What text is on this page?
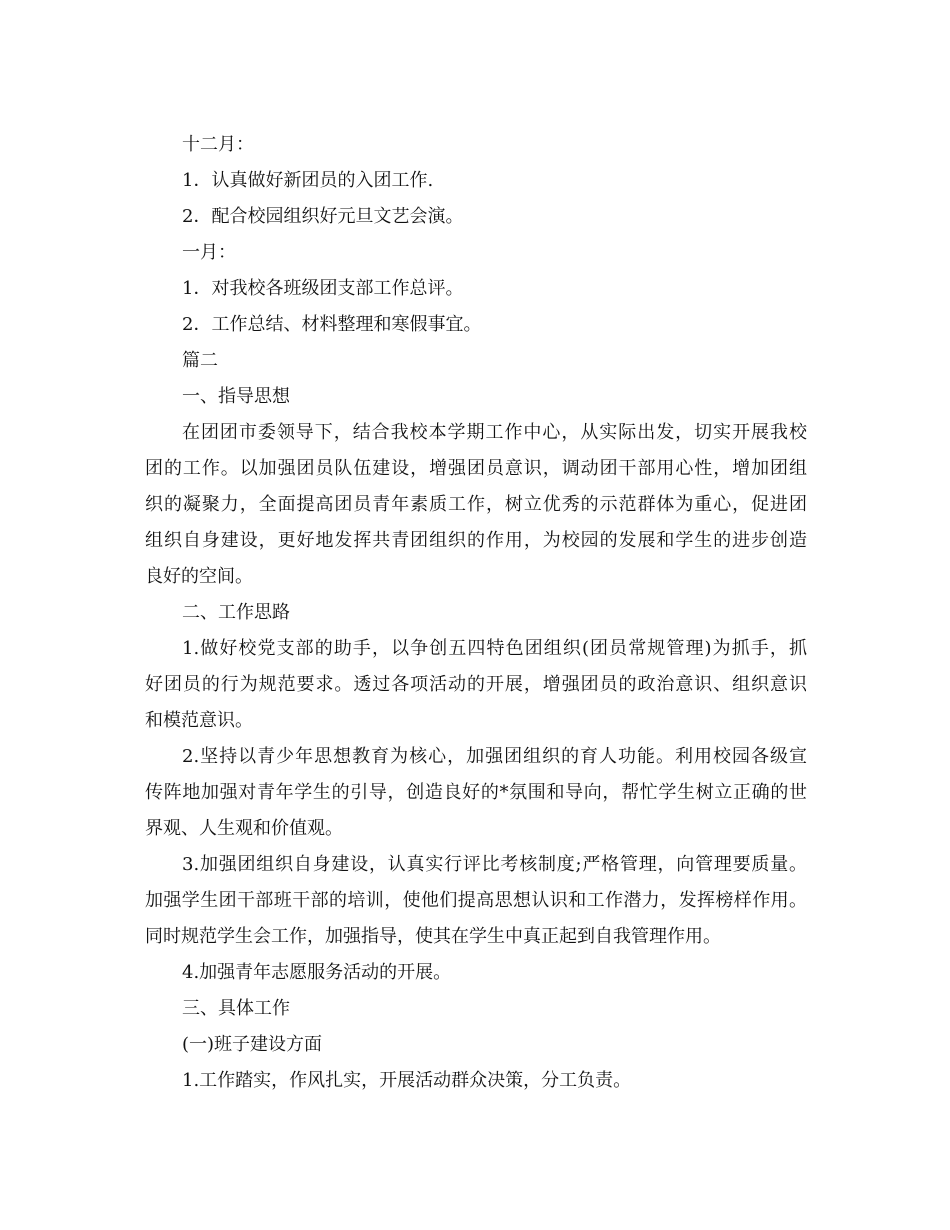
十二月：
1．认真做好新团员的入团工作.
2．配合校园组织好元旦文艺会演。
一月：
1．对我校各班级团支部工作总评。
2．工作总结、材料整理和寒假事宜。
篇二
一、指导思想
在团团市委领导下，结合我校本学期工作中心，从实际出发，切实开展我校
团的工作。以加强团员队伍建设，增强团员意识，调动团干部用心性，增加团组
织的凝聚力，全面提高团员青年素质工作，树立优秀的示范群体为重心，促进团
组织自身建设，更好地发挥共青团组织的作用，为校园的发展和学生的进步创造
良好的空间。
二、工作思路
1.做好校党支部的助手，以争创五四特色团组织(团员常规管理)为抓手，抓
好团员的行为规范要求。透过各项活动的开展，增强团员的政治意识、组织意识
和模范意识。
2.坚持以青少年思想教育为核心，加强团组织的育人功能。利用校园各级宣
传阵地加强对青年学生的引导，创造良好的*氛围和导向，帮忙学生树立正确的世
界观、人生观和价值观。
3.加强团组织自身建设，认真实行评比考核制度;严格管理，向管理要质量。
加强学生团干部班干部的培训，使他们提高思想认识和工作潜力，发挥榜样作用。
同时规范学生会工作，加强指导，使其在学生中真正起到自我管理作用。
4.加强青年志愿服务活动的开展。
三、具体工作
(一)班子建设方面
1.工作踏实，作风扎实，开展活动群众决策，分工负责。
